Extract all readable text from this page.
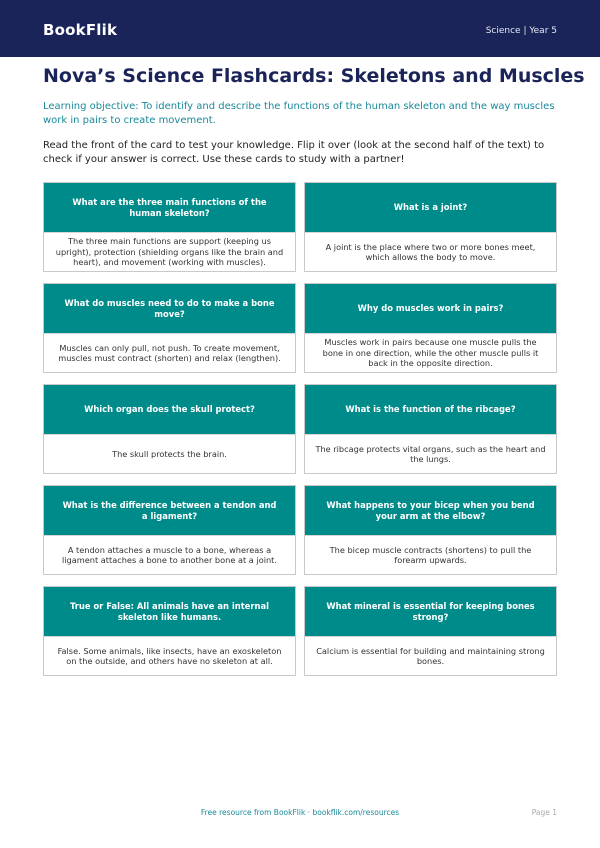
BookFlik	Science | Year 5
Nova’s Science Flashcards: Skeletons and Muscles
Learning objective: To identify and describe the functions of the human skeleton and the way muscles work in pairs to create movement.
Read the front of the card to test your knowledge. Flip it over (look at the second half of the text) to check if your answer is correct. Use these cards to study with a partner!
What are the three main functions of the human skeleton?
The three main functions are support (keeping us upright), protection (shielding organs like the brain and heart), and movement (working with muscles).
What is a joint?
A joint is the place where two or more bones meet, which allows the body to move.
What do muscles need to do to make a bone move?
Muscles can only pull, not push. To create movement, muscles must contract (shorten) and relax (lengthen).
Why do muscles work in pairs?
Muscles work in pairs because one muscle pulls the bone in one direction, while the other muscle pulls it back in the opposite direction.
Which organ does the skull protect?
The skull protects the brain.
What is the function of the ribcage?
The ribcage protects vital organs, such as the heart and the lungs.
What is the difference between a tendon and a ligament?
A tendon attaches a muscle to a bone, whereas a ligament attaches a bone to another bone at a joint.
What happens to your bicep when you bend your arm at the elbow?
The bicep muscle contracts (shortens) to pull the forearm upwards.
True or False: All animals have an internal skeleton like humans.
False. Some animals, like insects, have an exoskeleton on the outside, and others have no skeleton at all.
What mineral is essential for keeping bones strong?
Calcium is essential for building and maintaining strong bones.
Free resource from BookFlik · bookflik.com/resources	Page 1
